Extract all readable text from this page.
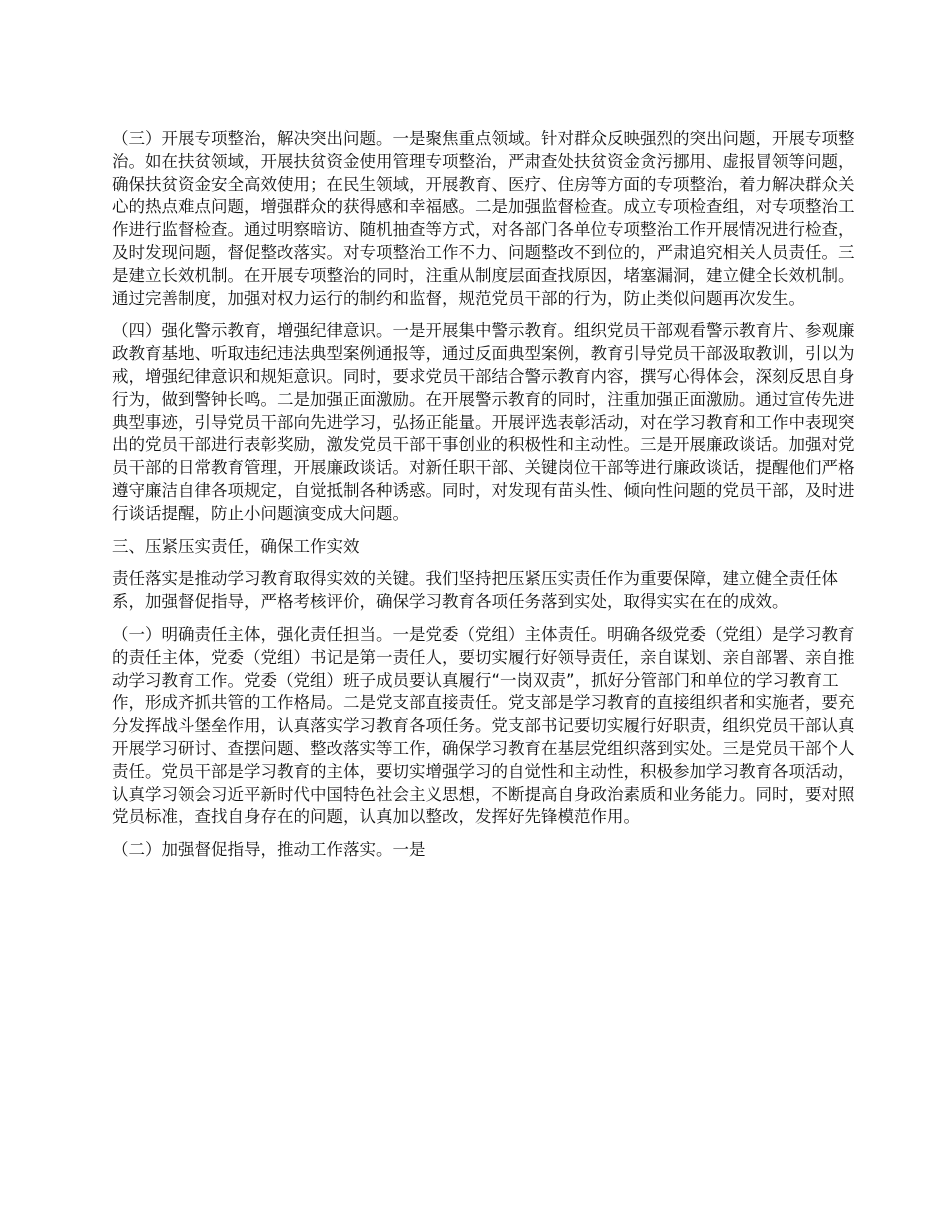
（三）开展专项整治，解决突出问题。一是聚焦重点领域。针对群众反映强烈的突出问题，开展专项整治。如在扶贫领域，开展扶贫资金使用管理专项整治，严肃查处扶贫资金贪污挪用、虚报冒领等问题，确保扶贫资金安全高效使用；在民生领域，开展教育、医疗、住房等方面的专项整治，着力解决群众关心的热点难点问题，增强群众的获得感和幸福感。二是加强监督检查。成立专项检查组，对专项整治工作进行监督检查。通过明察暗访、随机抽查等方式，对各部门各单位专项整治工作开展情况进行检查，及时发现问题，督促整改落实。对专项整治工作不力、问题整改不到位的，严肃追究相关人员责任。三是建立长效机制。在开展专项整治的同时，注重从制度层面查找原因，堵塞漏洞，建立健全长效机制。通过完善制度，加强对权力运行的制约和监督，规范党员干部的行为，防止类似问题再次发生。

（四）强化警示教育，增强纪律意识。一是开展集中警示教育。组织党员干部观看警示教育片、参观廉政教育基地、听取违纪违法典型案例通报等，通过反面典型案例，教育引导党员干部汲取教训，引以为戒，增强纪律意识和规矩意识。同时，要求党员干部结合警示教育内容，撰写心得体会，深刻反思自身行为，做到警钟长鸣。二是加强正面激励。在开展警示教育的同时，注重加强正面激励。通过宣传先进典型事迹，引导党员干部向先进学习，弘扬正能量。开展评选表彰活动，对在学习教育和工作中表现突出的党员干部进行表彰奖励，激发党员干部干事创业的积极性和主动性。三是开展廉政谈话。加强对党员干部的日常教育管理，开展廉政谈话。对新任职干部、关键岗位干部等进行廉政谈话，提醒他们严格遵守廉洁自律各项规定，自觉抵制各种诱惑。同时，对发现有苗头性、倾向性问题的党员干部，及时进行谈话提醒，防止小问题演变成大问题。

三、压紧压实责任，确保工作实效

责任落实是推动学习教育取得实效的关键。我们坚持把压紧压实责任作为重要保障，建立健全责任体系，加强督促指导，严格考核评价，确保学习教育各项任务落到实处，取得实实在在的成效。

（一）明确责任主体，强化责任担当。一是党委（党组）主体责任。明确各级党委（党组）是学习教育的责任主体，党委（党组）书记是第一责任人，要切实履行好领导责任，亲自谋划、亲自部署、亲自推动学习教育工作。党委（党组）班子成员要认真履行“一岗双责”，抓好分管部门和单位的学习教育工作，形成齐抓共管的工作格局。二是党支部直接责任。党支部是学习教育的直接组织者和实施者，要充分发挥战斗堡垒作用，认真落实学习教育各项任务。党支部书记要切实履行好职责，组织党员干部认真开展学习研讨、查摆问题、整改落实等工作，确保学习教育在基层党组织落到实处。三是党员干部个人责任。党员干部是学习教育的主体，要切实增强学习的自觉性和主动性，积极参加学习教育各项活动，认真学习领会习近平新时代中国特色社会主义思想，不断提高自身政治素质和业务能力。同时，要对照党员标准，查找自身存在的问题，认真加以整改，发挥好先锋模范作用。

（二）加强督促指导，推动工作落实。一是
